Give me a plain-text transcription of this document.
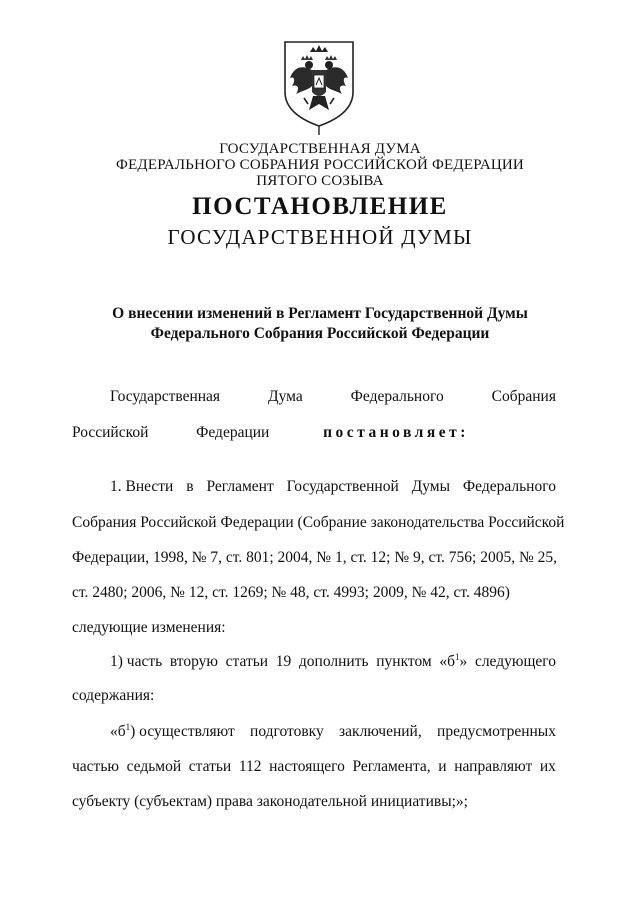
ГОСУДАРСТВЕННАЯ ДУМА
ФЕДЕРАЛЬНОГО СОБРАНИЯ РОССИЙСКОЙ ФЕДЕРАЦИИ
ПЯТОГО СОЗЫВА
ПОСТАНОВЛЕНИЕ
ГОСУДАРСТВЕННОЙ ДУМЫ
О внесении изменений в Регламент Государственной Думы
Федерального Собрания Российской Федерации
Государственная	Дума	Федерального	Собрания
Российской	Федерации	постановляет:
1. Внести в Регламент Государственной Думы Федерального
Собрания Российской Федерации (Собрание законодательства Российской
Федерации, 1998, № 7, ст. 801; 2004, № 1, ст. 12; № 9, ст. 756; 2005, № 25,
ст. 2480; 2006, № 12, ст. 1269; № 48, ст. 4993; 2009, № 42, ст. 4896)
следующие изменения:
1) часть вторую статьи 19 дополнить пунктом «$б^1$» следующего
содержания:
«$б^1$) осуществляют подготовку заключений, предусмотренных
частью седьмой статьи 112 настоящего Регламента, и направляют их
субъекту (субъектам) права законодательной инициативы;»;
